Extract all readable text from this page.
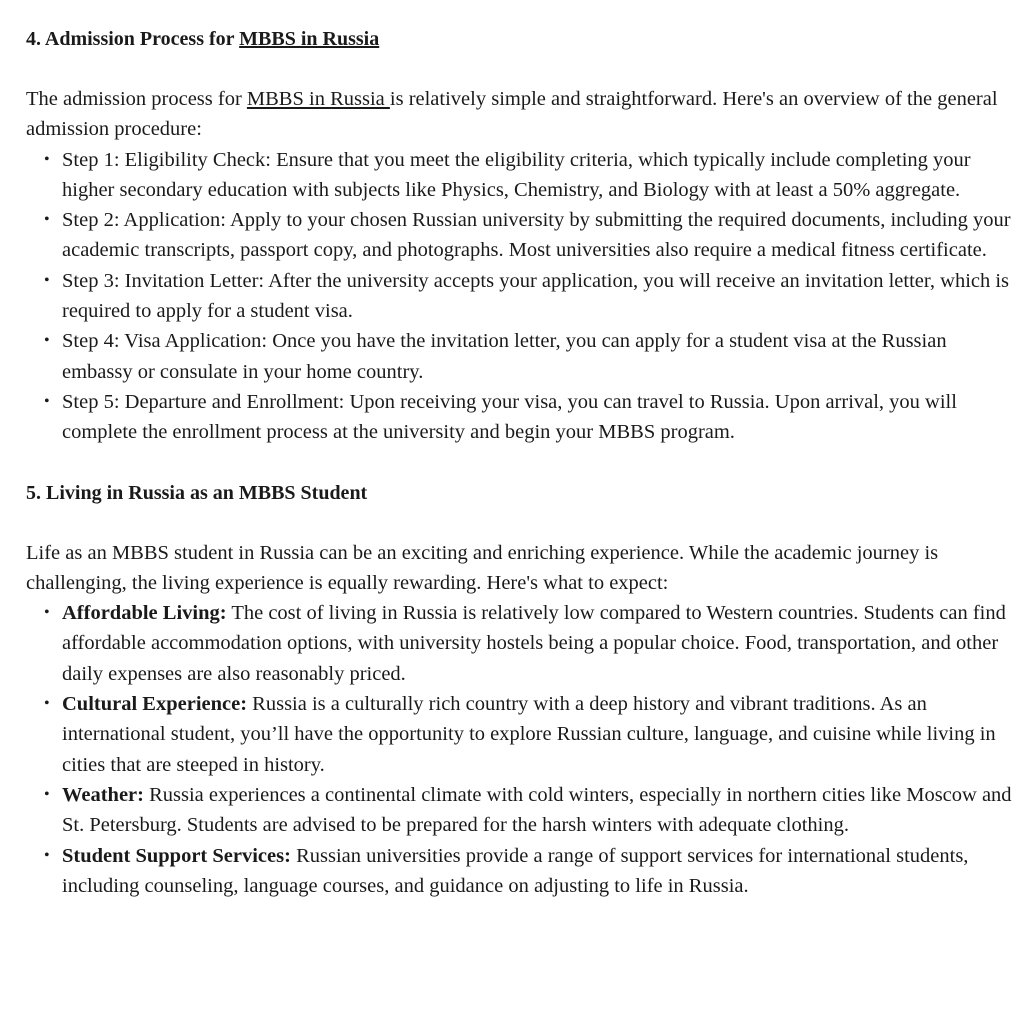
4. Admission Process for MBBS in Russia

The admission process for MBBS in Russia is relatively simple and straightforward. Here's an overview of the general admission procedure:

• Step 1: Eligibility Check: Ensure that you meet the eligibility criteria, which typically include completing your higher secondary education with subjects like Physics, Chemistry, and Biology with at least a 50% aggregate.
• Step 2: Application: Apply to your chosen Russian university by submitting the required documents, including your academic transcripts, passport copy, and photographs. Most universities also require a medical fitness certificate.
• Step 3: Invitation Letter: After the university accepts your application, you will receive an invitation letter, which is required to apply for a student visa.
• Step 4: Visa Application: Once you have the invitation letter, you can apply for a student visa at the Russian embassy or consulate in your home country.
• Step 5: Departure and Enrollment: Upon receiving your visa, you can travel to Russia. Upon arrival, you will complete the enrollment process at the university and begin your MBBS program.
5. Living in Russia as an MBBS Student

Life as an MBBS student in Russia can be an exciting and enriching experience. While the academic journey is challenging, the living experience is equally rewarding. Here's what to expect:

• Affordable Living: The cost of living in Russia is relatively low compared to Western countries. Students can find affordable accommodation options, with university hostels being a popular choice. Food, transportation, and other daily expenses are also reasonably priced.
• Cultural Experience: Russia is a culturally rich country with a deep history and vibrant traditions. As an international student, you’ll have the opportunity to explore Russian culture, language, and cuisine while living in cities that are steeped in history.
• Weather: Russia experiences a continental climate with cold winters, especially in northern cities like Moscow and St. Petersburg. Students are advised to be prepared for the harsh winters with adequate clothing.
• Student Support Services: Russian universities provide a range of support services for international students, including counseling, language courses, and guidance on adjusting to life in Russia.
